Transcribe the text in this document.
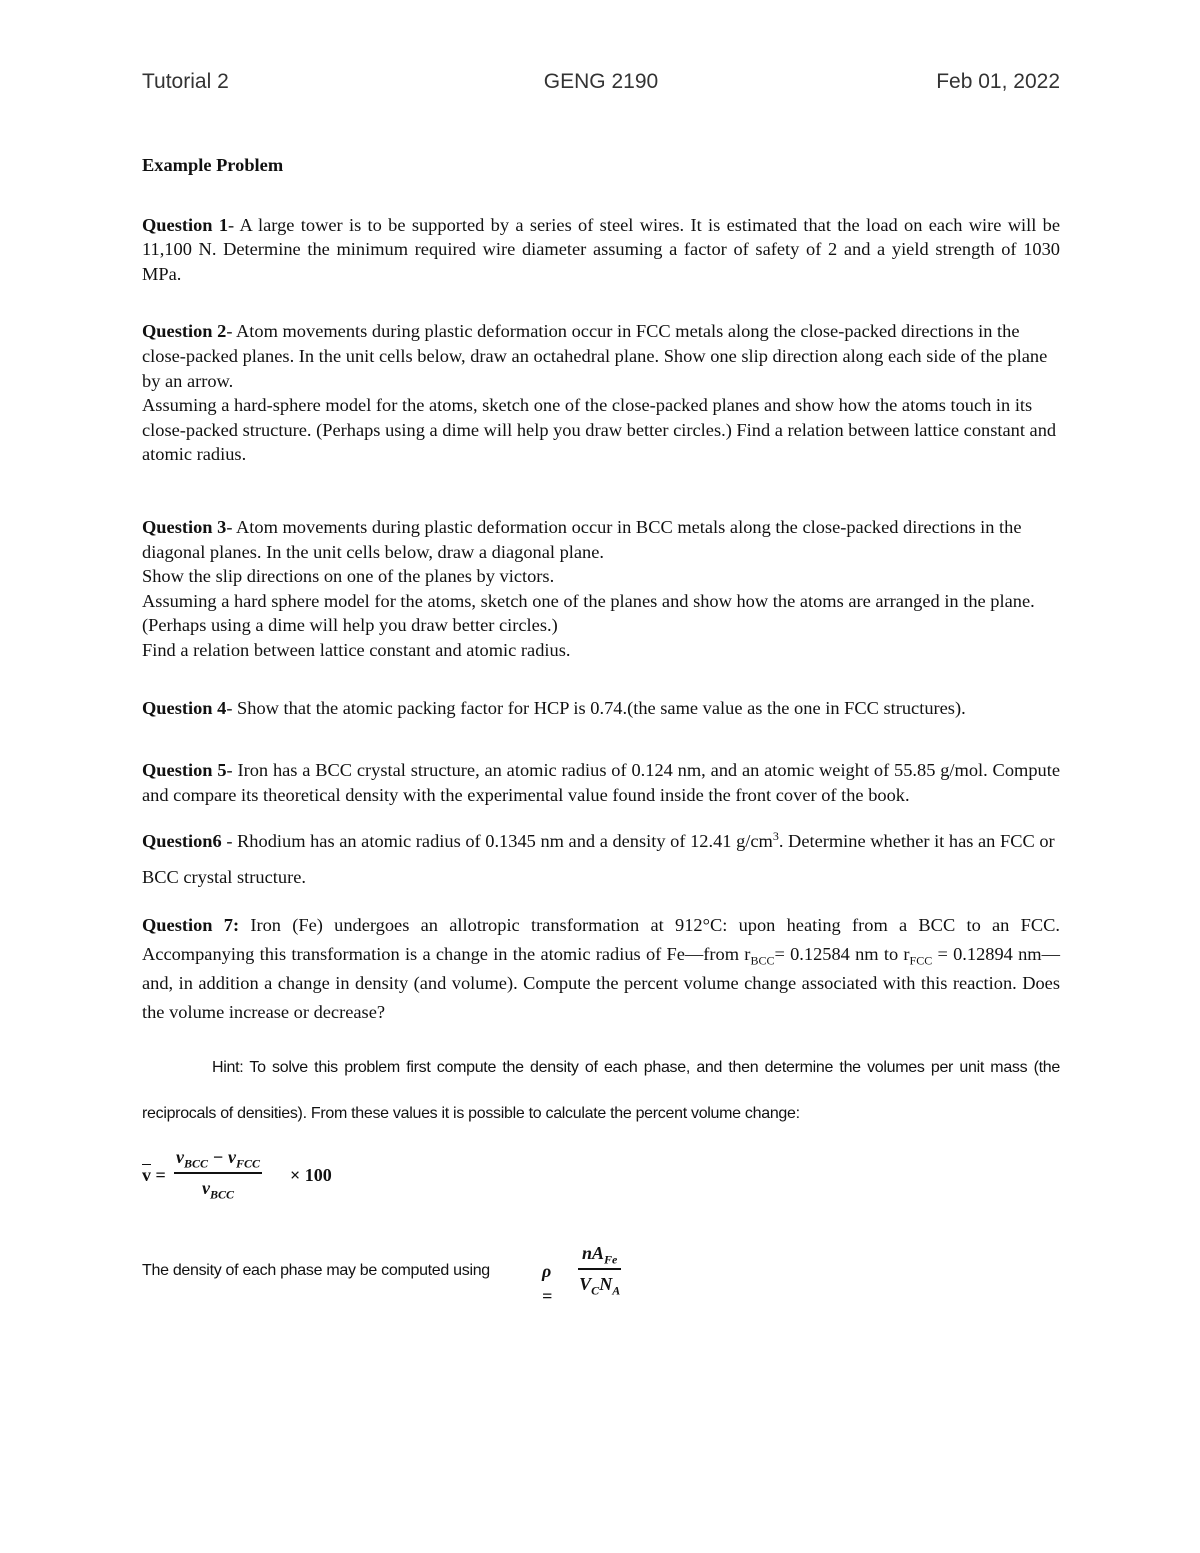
Tutorial 2	GENG 2190	Feb 01, 2022

Example Problem

Question 1- A large tower is to be supported by a series of steel wires. It is estimated that the load on each wire will be 11,100 N. Determine the minimum required wire diameter assuming a factor of safety of 2 and a yield strength of 1030 MPa.

Question 2- Atom movements during plastic deformation occur in FCC metals along the close-packed directions in the close-packed planes. In the unit cells below, draw an octahedral plane. Show one slip direction along each side of the plane by an arrow.

Assuming a hard-sphere model for the atoms, sketch one of the close-packed planes and show how the atoms touch in its close-packed structure. (Perhaps using a dime will help you draw better circles.) Find a relation between lattice constant and atomic radius.

Question 3- Atom movements during plastic deformation occur in BCC metals along the close-packed directions in the diagonal planes. In the unit cells below, draw a diagonal plane.

Show the slip directions on one of the planes by victors.

Assuming a hard sphere model for the atoms, sketch one of the planes and show how the atoms are arranged in the plane. (Perhaps using a dime will help you draw better circles.)

Find a relation between lattice constant and atomic radius.

Question 4- Show that the atomic packing factor for HCP is 0.74.(the same value as the one in FCC structures).

Question 5- Iron has a BCC crystal structure, an atomic radius of 0.124 nm, and an atomic weight of 55.85 g/mol. Compute and compare its theoretical density with the experimental value found inside the front cover of the book.

Question6 - Rhodium has an atomic radius of 0.1345 nm and a density of 12.41 $g/cm^3$. Determine whether it has an FCC or BCC crystal structure.

Question 7: Iron (Fe) undergoes an allotropic transformation at 912°C: upon heating from a BCC to an FCC. Accompanying this transformation is a change in the atomic radius of Fe—from $r_{BCC}= 0.12584$ nm to $r_{FCC} = 0.12894$ nm—and, in addition a change in density (and volume). Compute the percent volume change associated with this reaction. Does the volume increase or decrease?

Hint: To solve this problem first compute the density of each phase, and then determine the volumes per unit mass (the reciprocals of densities). From these values it is possible to calculate the percent volume change:

$\overline{v}$ =
$v_{BCC} - v_{FCC}$
$v_{BCC}$
× 100
The density of each phase may be computed using	ρ =
$nA_{Fe}$
$V_CN_A$
